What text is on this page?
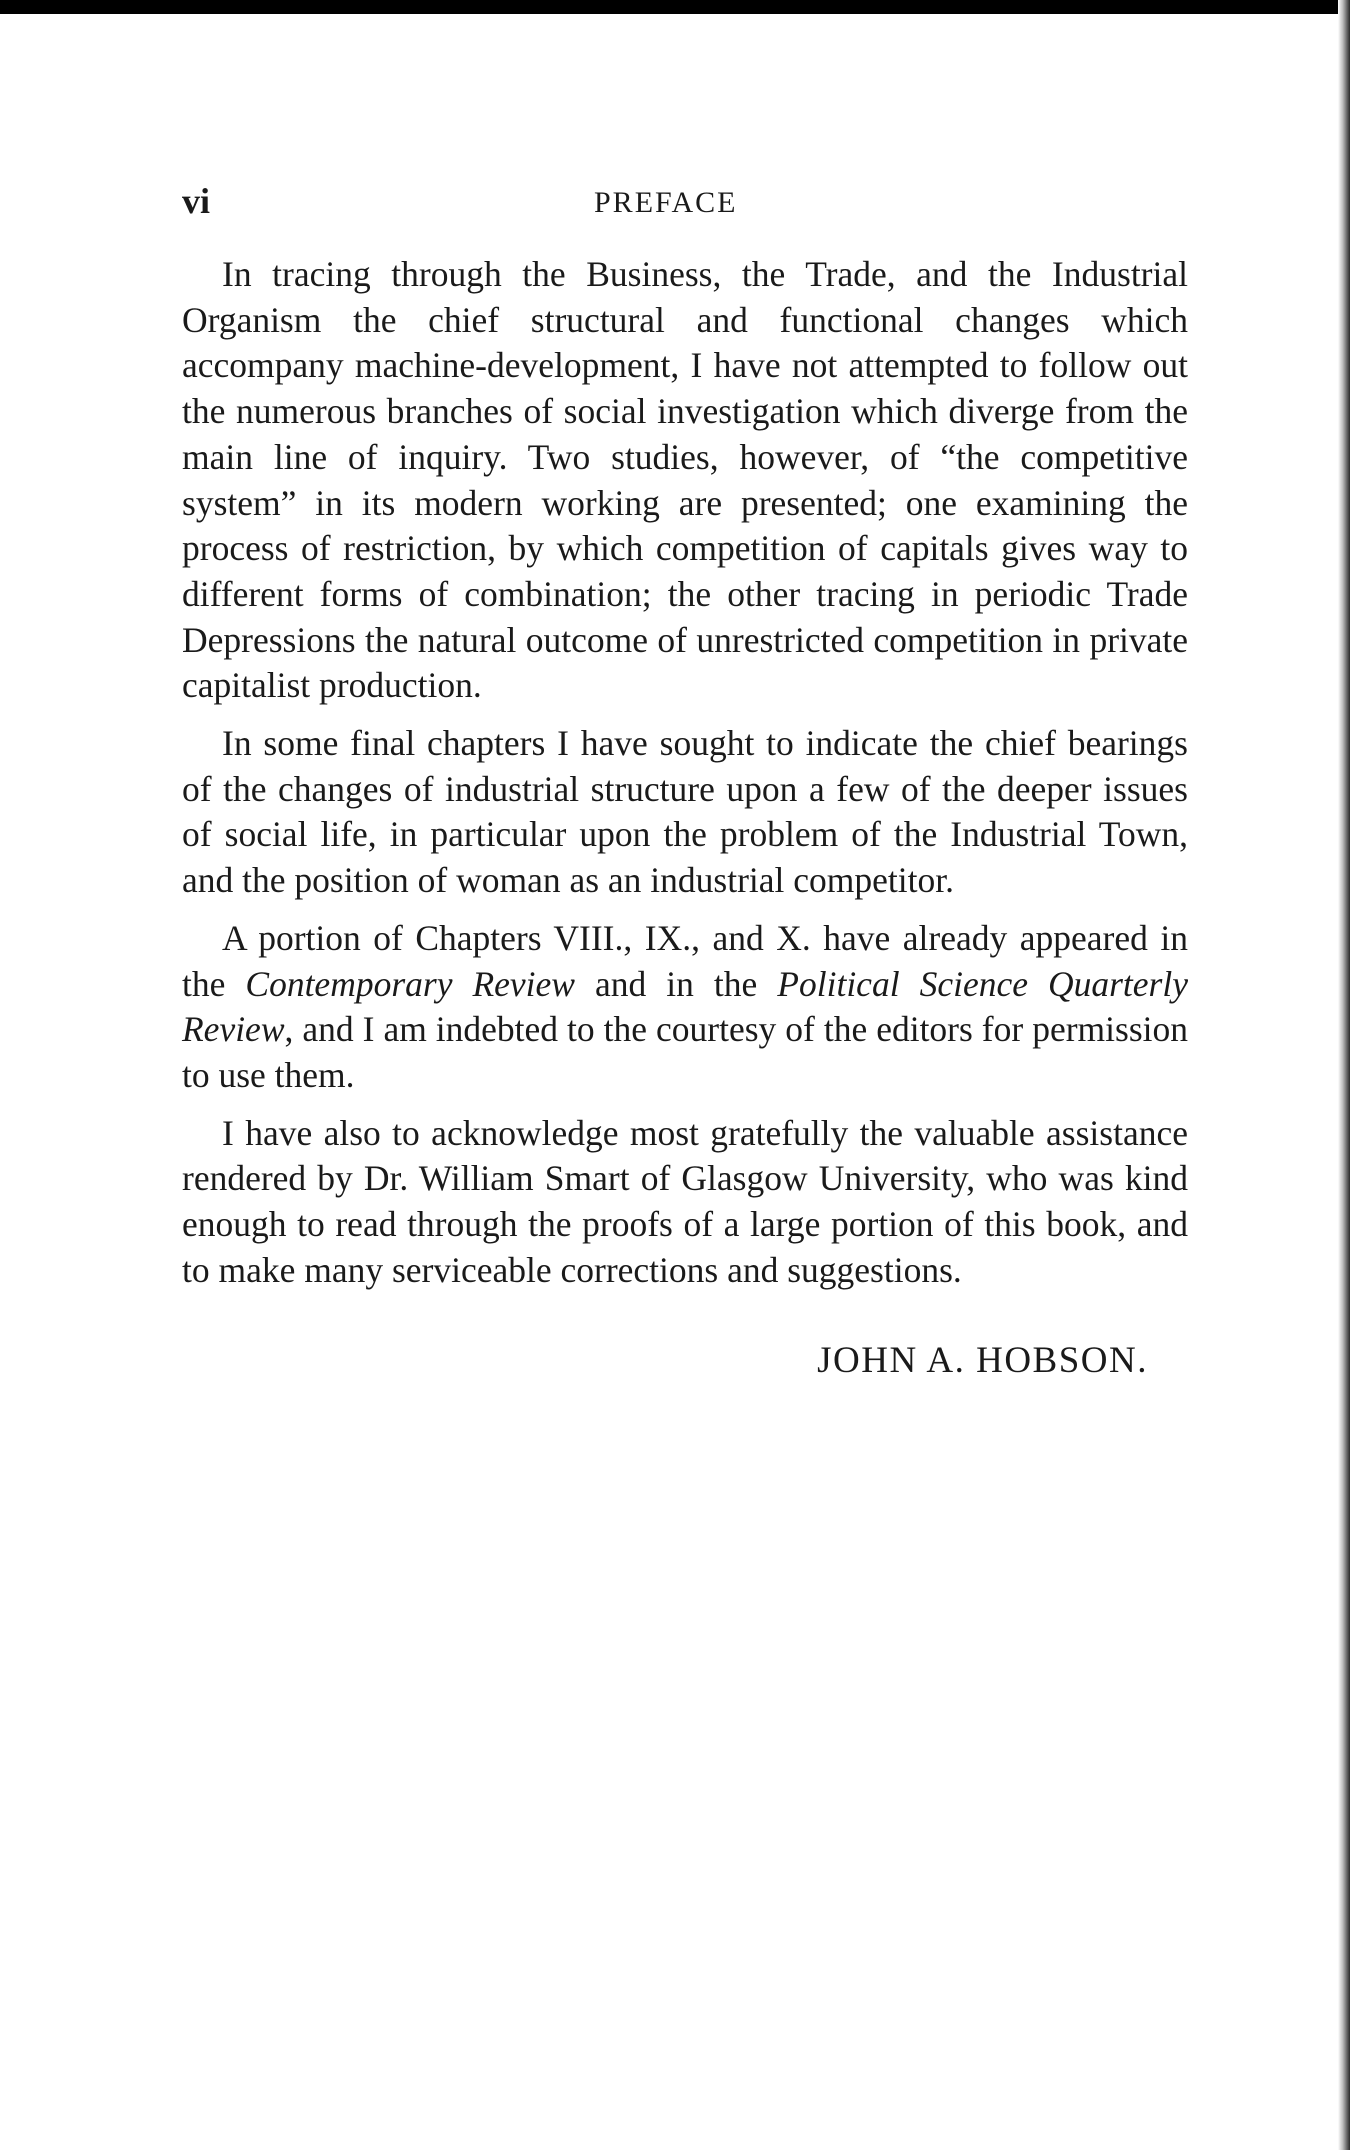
vi	PREFACE

In tracing through the Business, the Trade, and the Industrial Organism the chief structural and functional changes which accompany machine-development, I have not attempted to follow out the numerous branches of social investigation which diverge from the main line of inquiry. Two studies, however, of “the competitive system” in its modern working are presented; one examining the process of restriction, by which competition of capitals gives way to different forms of combination; the other tracing in periodic Trade Depressions the natural outcome of unrestricted competition in private capitalist production.

In some final chapters I have sought to indicate the chief bearings of the changes of industrial structure upon a few of the deeper issues of social life, in particular upon the problem of the Industrial Town, and the position of woman as an industrial competitor.

A portion of Chapters VIII., IX., and X. have already appeared in the Contemporary Review and in the Political Science Quarterly Review, and I am indebted to the courtesy of the editors for permission to use them.

I have also to acknowledge most gratefully the valuable assistance rendered by Dr. William Smart of Glasgow University, who was kind enough to read through the proofs of a large portion of this book, and to make many serviceable corrections and suggestions.

JOHN A. HOBSON.
